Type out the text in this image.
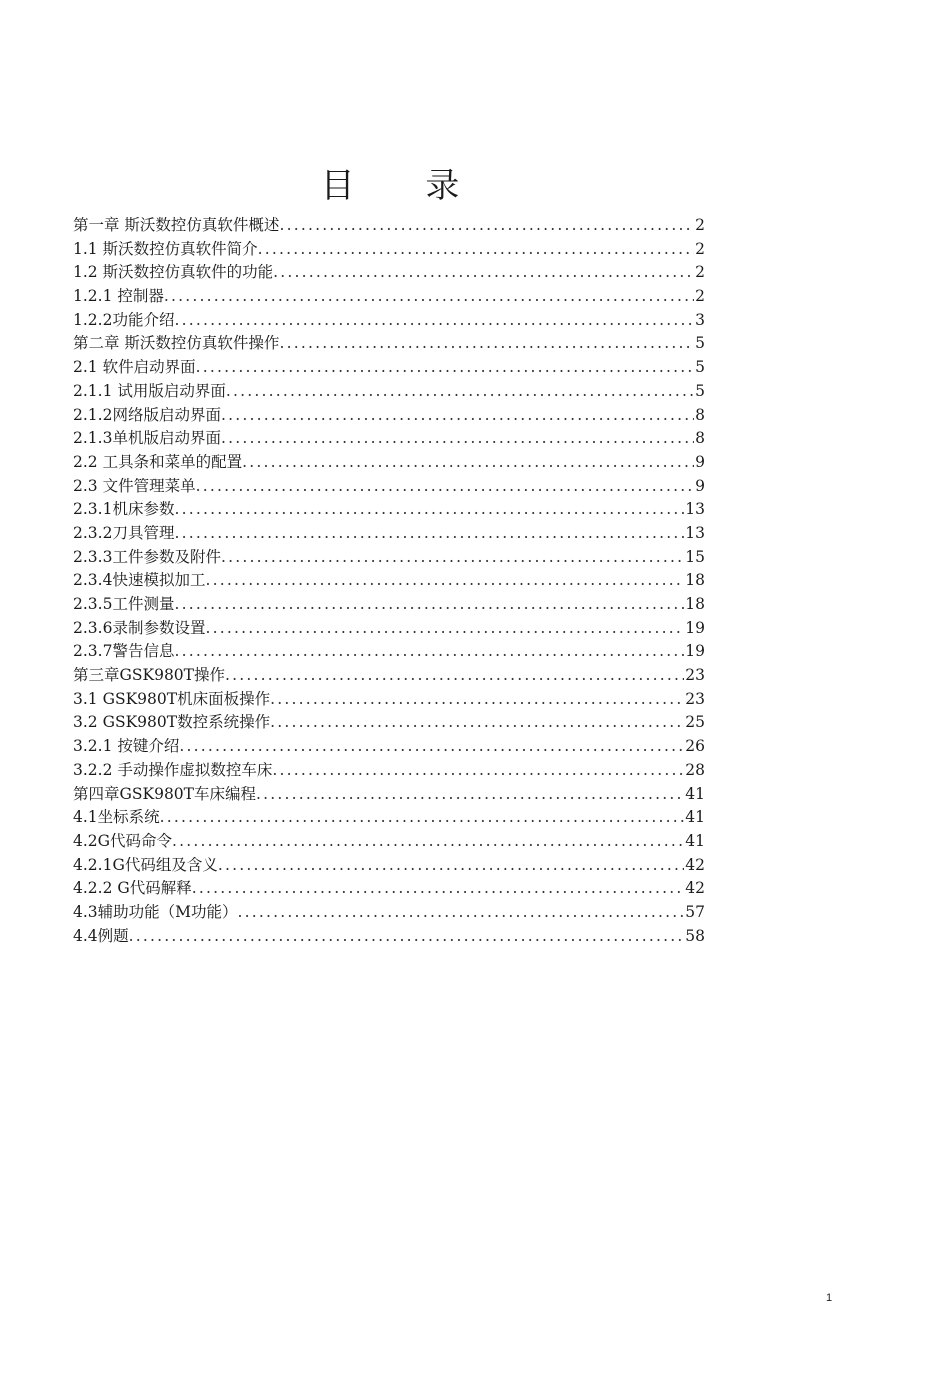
目 录
第一章 斯沃数控仿真软件概述 .....	2
1.1 斯沃数控仿真软件简介 .....	2
1.2 斯沃数控仿真软件的功能 .....	2
1.2.1 控制器 .....	2
1.2.2功能介绍 .....	3
第二章 斯沃数控仿真软件操作 .....	5
2.1 软件启动界面 .....	5
2.1.1 试用版启动界面 .....	5
2.1.2网络版启动界面 .....	8
2.1.3单机版启动界面 .....	8
2.2 工具条和菜单的配置 .....	9
2.3 文件管理菜单 .....	9
2.3.1机床参数 .....	13
2.3.2刀具管理 .....	13
2.3.3工件参数及附件 .....	15
2.3.4快速模拟加工 .....	18
2.3.5工件测量 .....	18
2.3.6录制参数设置 .....	19
2.3.7警告信息 .....	19
第三章GSK980T操作 .....	23
3.1 GSK980T机床面板操作 .....	23
3.2 GSK980T数控系统操作 .....	25
3.2.1 按键介绍 .....	26
3.2.2 手动操作虚拟数控车床 .....	28
第四章GSK980T车床编程 .....	41
4.1坐标系统 .....	41
4.2G代码命令 .....	41
4.2.1G代码组及含义 .....	42
4.2.2 G代码解释 .....	42
4.3辅助功能（M功能） .....	57
4.4例题 .....	58
1
